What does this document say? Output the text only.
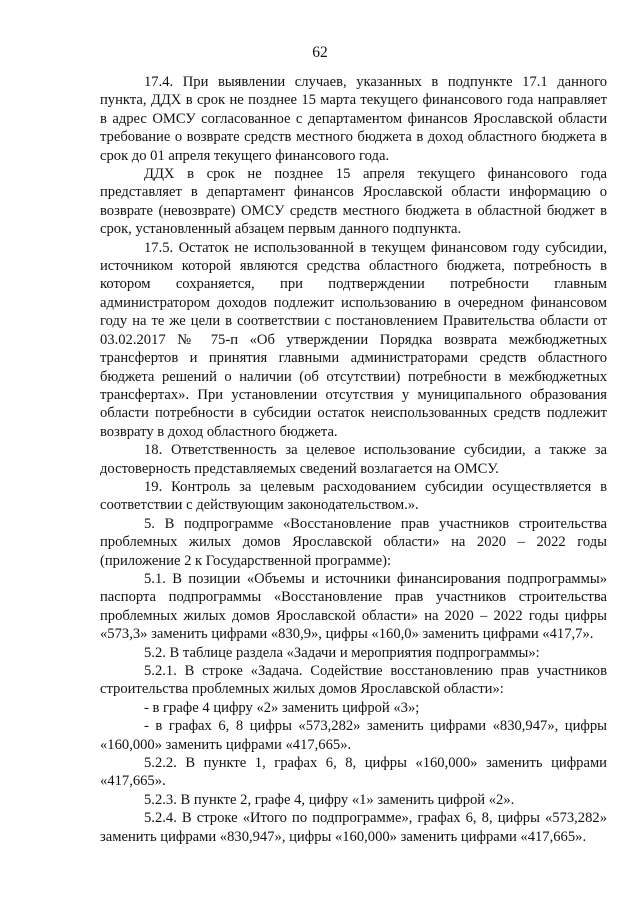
62

17.4. При выявлении случаев, указанных в подпункте 17.1 данного пункта, ДДХ в срок не позднее 15 марта текущего финансового года направляет в адрес ОМСУ согласованное с департаментом финансов Ярославской области требование о возврате средств местного бюджета в доход областного бюджета в срок до 01 апреля текущего финансового года.

ДДХ в срок не позднее 15 апреля текущего финансового года представляет в департамент финансов Ярославской области информацию о возврате (невозврате) ОМСУ средств местного бюджета в областной бюджет в срок, установленный абзацем первым данного подпункта.

17.5. Остаток не использованной в текущем финансовом году субсидии, источником которой являются средства областного бюджета, потребность в котором сохраняется, при подтверждении потребности главным администратором доходов подлежит использованию в очередном финансовом году на те же цели в соответствии с постановлением Правительства области от 03.02.2017 № 75-п «Об утверждении Порядка возврата межбюджетных трансфертов и принятия главными администраторами средств областного бюджета решений о наличии (об отсутствии) потребности в межбюджетных трансфертах». При установлении отсутствия у муниципального образования области потребности в субсидии остаток неиспользованных средств подлежит возврату в доход областного бюджета.

18. Ответственность за целевое использование субсидии, а также за достоверность представляемых сведений возлагается на ОМСУ.

19. Контроль за целевым расходованием субсидии осуществляется в соответствии с действующим законодательством.».

5. В подпрограмме «Восстановление прав участников строительства проблемных жилых домов Ярославской области» на 2020 – 2022 годы (приложение 2 к Государственной программе):

5.1. В позиции «Объемы и источники финансирования подпрограммы» паспорта подпрограммы «Восстановление прав участников строительства проблемных жилых домов Ярославской области» на 2020 – 2022 годы цифры «573,3» заменить цифрами «830,9», цифры «160,0» заменить цифрами «417,7».

5.2. В таблице раздела «Задачи и мероприятия подпрограммы»:

5.2.1. В строке «Задача. Содействие восстановлению прав участников строительства проблемных жилых домов Ярославской области»:

- в графе 4 цифру «2» заменить цифрой «3»;

- в графах 6, 8 цифры «573,282» заменить цифрами «830,947», цифры «160,000» заменить цифрами «417,665».

5.2.2. В пункте 1, графах 6, 8, цифры «160,000» заменить цифрами «417,665».

5.2.3. В пункте 2, графе 4, цифру «1» заменить цифрой «2».

5.2.4. В строке «Итого по подпрограмме», графах 6, 8, цифры «573,282» заменить цифрами «830,947», цифры «160,000» заменить цифрами «417,665».
